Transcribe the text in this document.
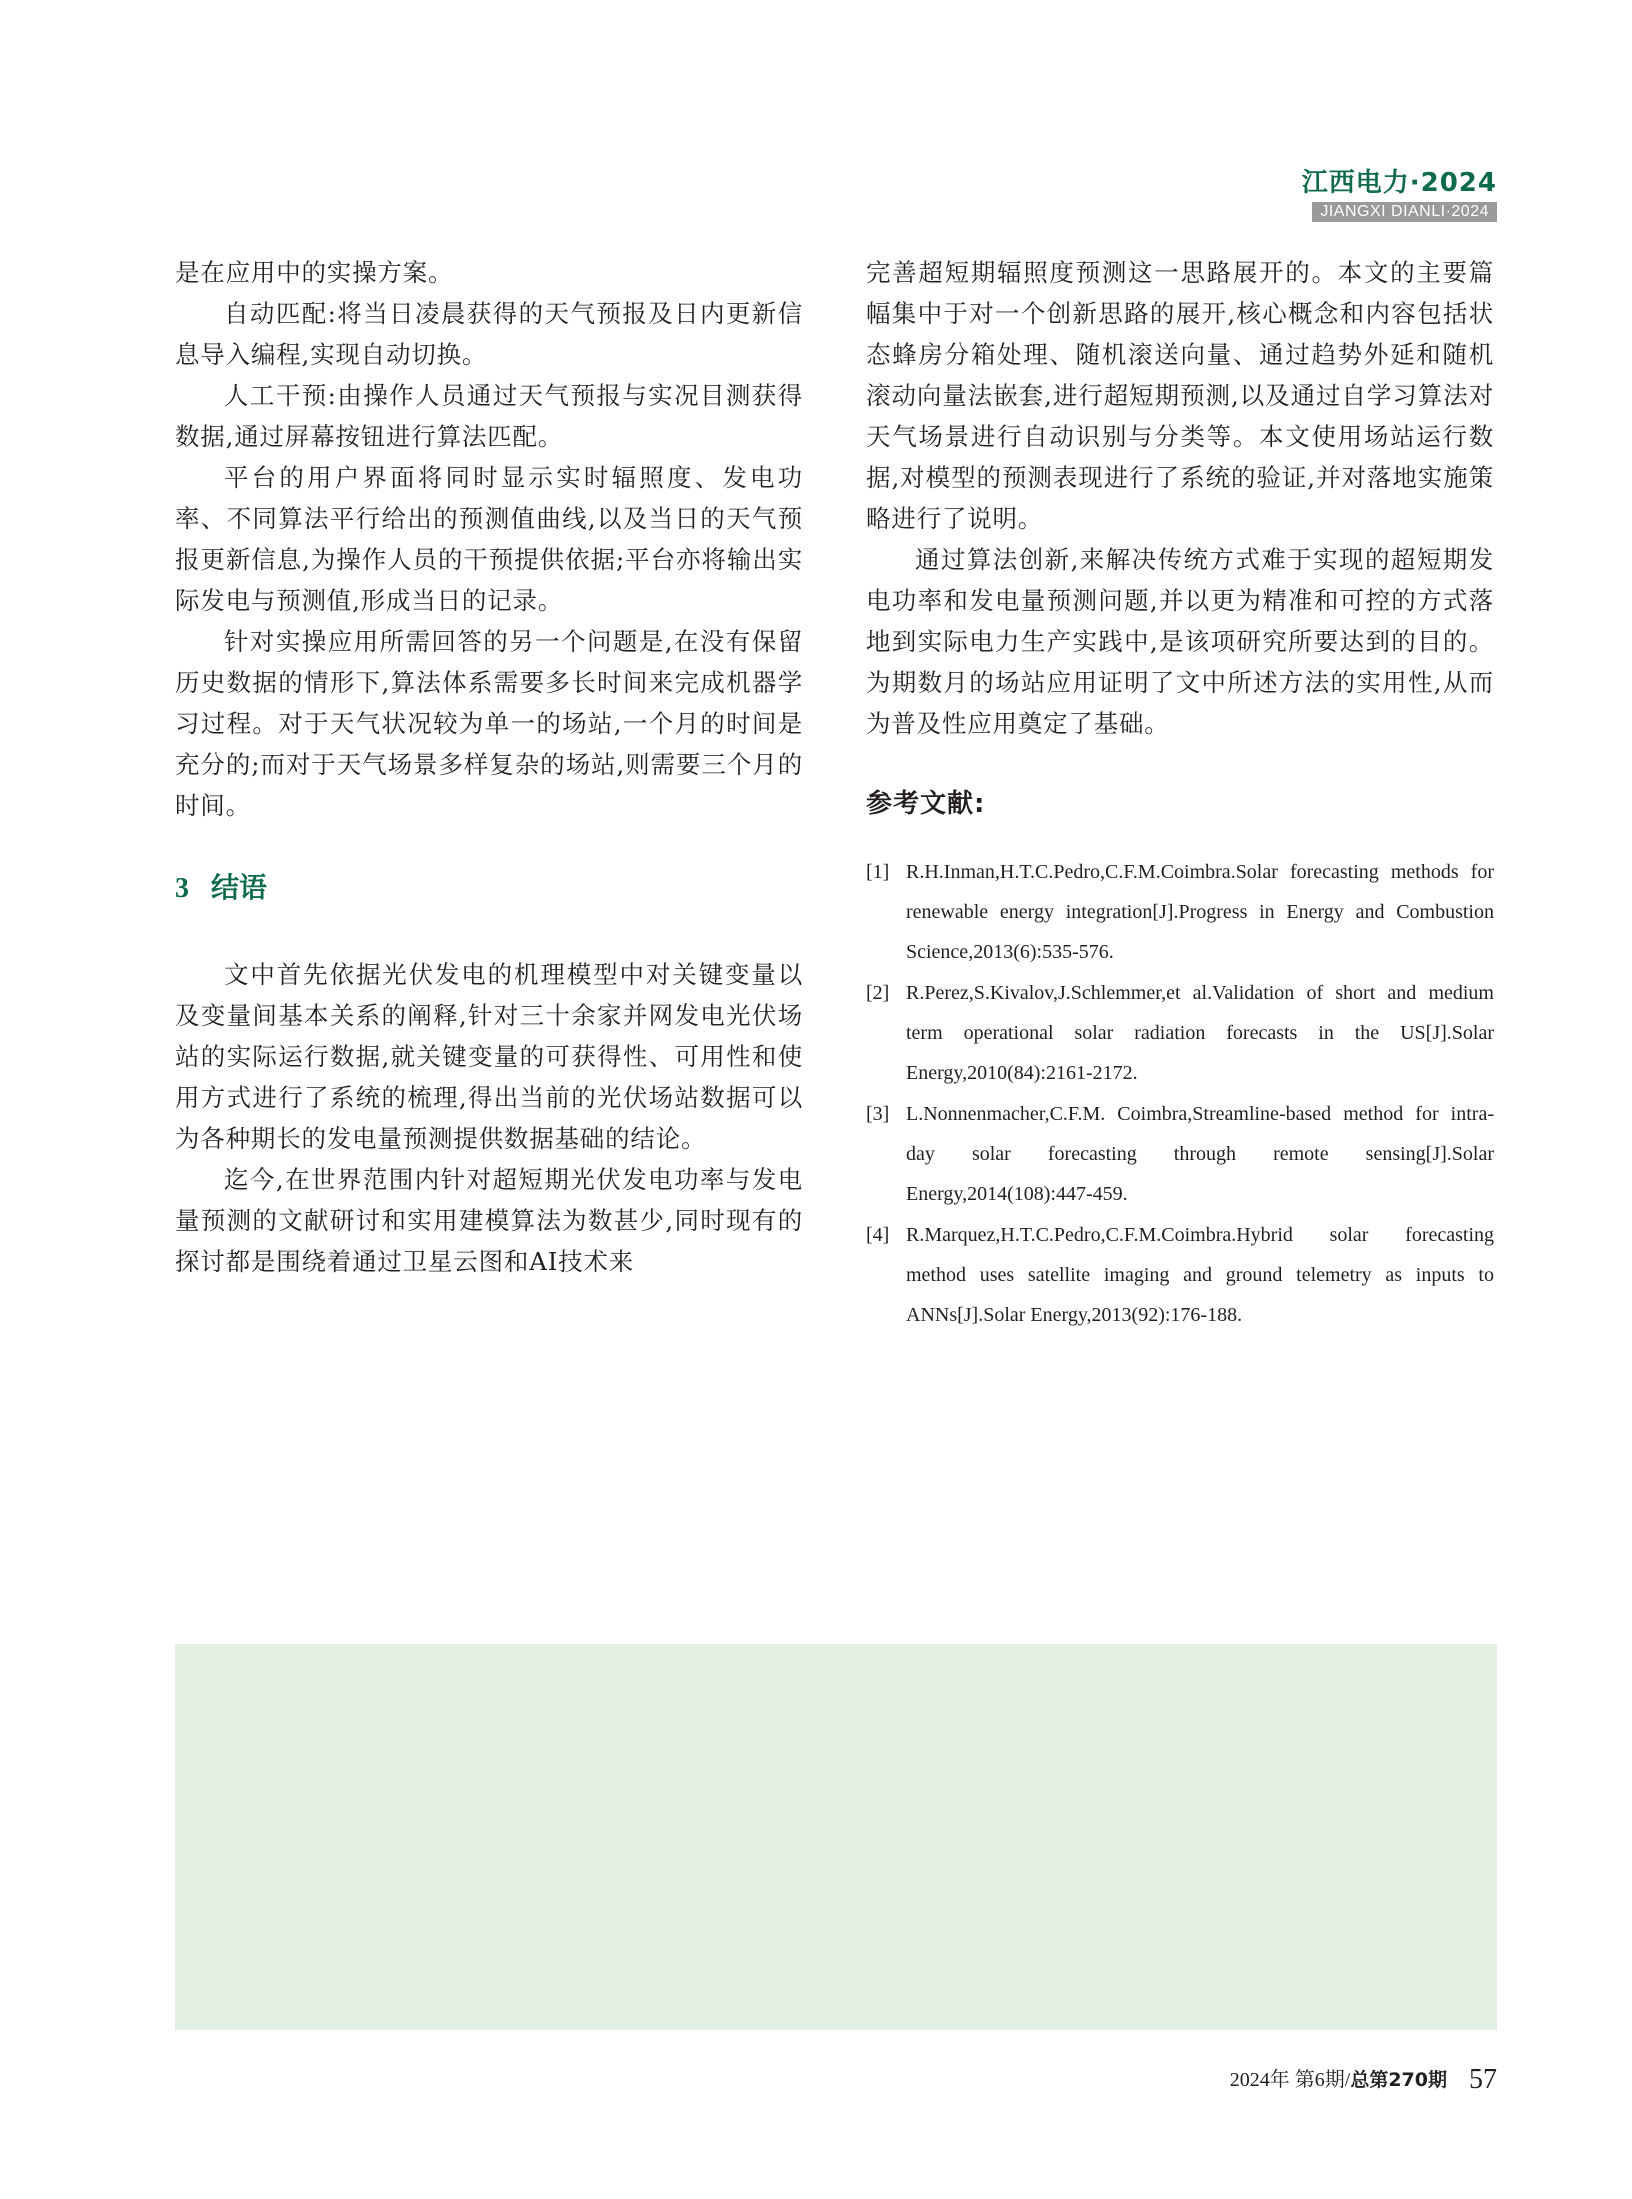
江西电力·2024
JIANGXI DIANLI·2024

是在应用中的实操方案。

自动匹配:将当日凌晨获得的天气预报及日内更新信息导入编程,实现自动切换。

人工干预:由操作人员通过天气预报与实况目测获得数据,通过屏幕按钮进行算法匹配。

平台的用户界面将同时显示实时辐照度、发电功率、不同算法平行给出的预测值曲线,以及当日的天气预报更新信息,为操作人员的干预提供依据;平台亦将输出实际发电与预测值,形成当日的记录。

针对实操应用所需回答的另一个问题是,在没有保留历史数据的情形下,算法体系需要多长时间来完成机器学习过程。对于天气状况较为单一的场站,一个月的时间是充分的;而对于天气场景多样复杂的场站,则需要三个月的时间。

3 结语

文中首先依据光伏发电的机理模型中对关键变量以及变量间基本关系的阐释,针对三十余家并网发电光伏场站的实际运行数据,就关键变量的可获得性、可用性和使用方式进行了系统的梳理,得出当前的光伏场站数据可以为各种期长的发电量预测提供数据基础的结论。

迄今,在世界范围内针对超短期光伏发电功率与发电量预测的文献研讨和实用建模算法为数甚少,同时现有的探讨都是围绕着通过卫星云图和AI技术来

完善超短期辐照度预测这一思路展开的。本文的主要篇幅集中于对一个创新思路的展开,核心概念和内容包括状态蜂房分箱处理、随机滚送向量、通过趋势外延和随机滚动向量法嵌套,进行超短期预测,以及通过自学习算法对天气场景进行自动识别与分类等。本文使用场站运行数据,对模型的预测表现进行了系统的验证,并对落地实施策略进行了说明。

通过算法创新,来解决传统方式难于实现的超短期发电功率和发电量预测问题,并以更为精准和可控的方式落地到实际电力生产实践中,是该项研究所要达到的目的。为期数月的场站应用证明了文中所述方法的实用性,从而为普及性应用奠定了基础。

参考文献:
[1] R.H.Inman,H.T.C.Pedro,C.F.M.Coimbra.Solar forecasting methods for renewable energy integration[J].Progress in Energy and Combustion Science,2013(6):535-576.
[2] R.Perez,S.Kivalov,J.Schlemmer,et al.Validation of short and medium term operational solar radiation forecasts in the US[J].Solar Energy,2010(84):2161-2172.
[3] L.Nonnenmacher,C.F.M. Coimbra,Streamline-based method for intra-day solar forecasting through remote sensing[J].Solar Energy,2014(108):447-459.
[4] R.Marquez,H.T.C.Pedro,C.F.M.Coimbra.Hybrid solar forecasting method uses satellite imaging and ground telemetry as inputs to ANNs[J].Solar Energy,2013(92):176-188.
2024年 第6期/总第270期 57
